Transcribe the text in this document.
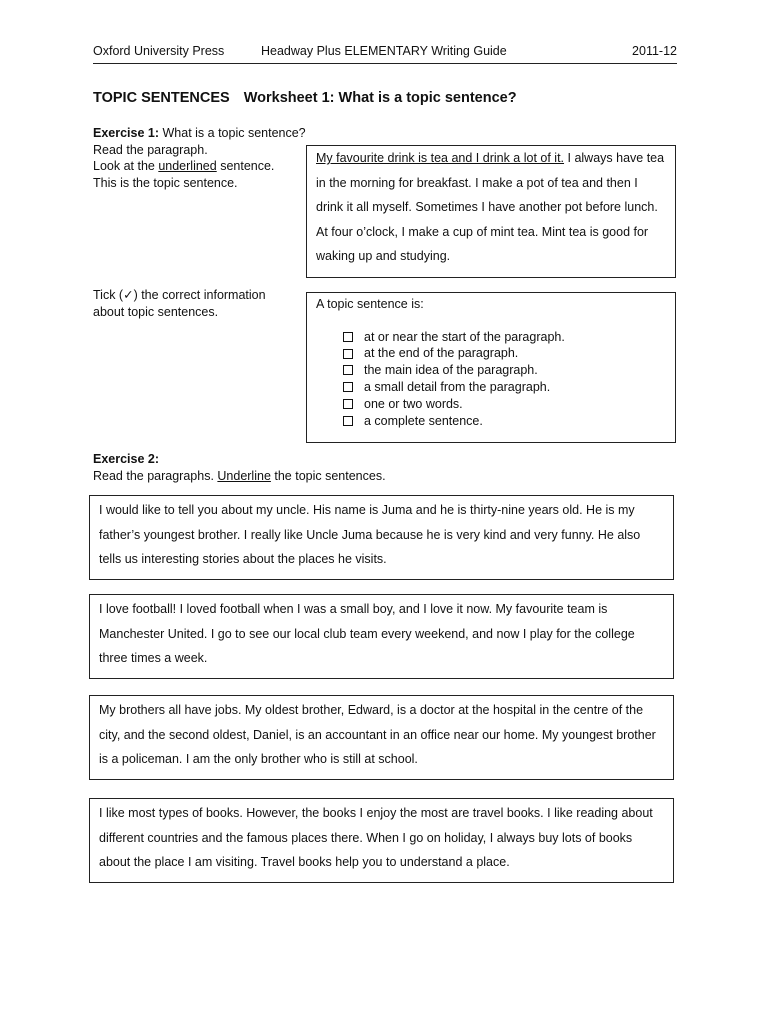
Oxford University Press	Headway Plus ELEMENTARY Writing Guide	2011-12
TOPIC SENTENCES Worksheet 1: What is a topic sentence?
Exercise 1: What is a topic sentence?
Read the paragraph.
Look at the underlined sentence.
This is the topic sentence.
My favourite drink is tea and I drink a lot of it. I always have tea in the morning for breakfast. I make a pot of tea and then I drink it all myself. Sometimes I have another pot before lunch. At four o’clock, I make a cup of mint tea. Mint tea is good for waking up and studying.
Tick (✓) the correct information
about topic sentences.
A topic sentence is:
at or near the start of the paragraph.
at the end of the paragraph.
the main idea of the paragraph.
a small detail from the paragraph.
one or two words.
a complete sentence.
Exercise 2:
Read the paragraphs. Underline the topic sentences.
I would like to tell you about my uncle. His name is Juma and he is thirty-nine years old. He is my father’s youngest brother. I really like Uncle Juma because he is very kind and very funny. He also tells us interesting stories about the places he visits.
I love football! I loved football when I was a small boy, and I love it now. My favourite team is Manchester United. I go to see our local club team every weekend, and now I play for the college three times a week.
My brothers all have jobs. My oldest brother, Edward, is a doctor at the hospital in the centre of the city, and the second oldest, Daniel, is an accountant in an office near our home. My youngest brother is a policeman. I am the only brother who is still at school.
I like most types of books. However, the books I enjoy the most are travel books. I like reading about different countries and the famous places there. When I go on holiday, I always buy lots of books about the place I am visiting. Travel books help you to understand a place.
